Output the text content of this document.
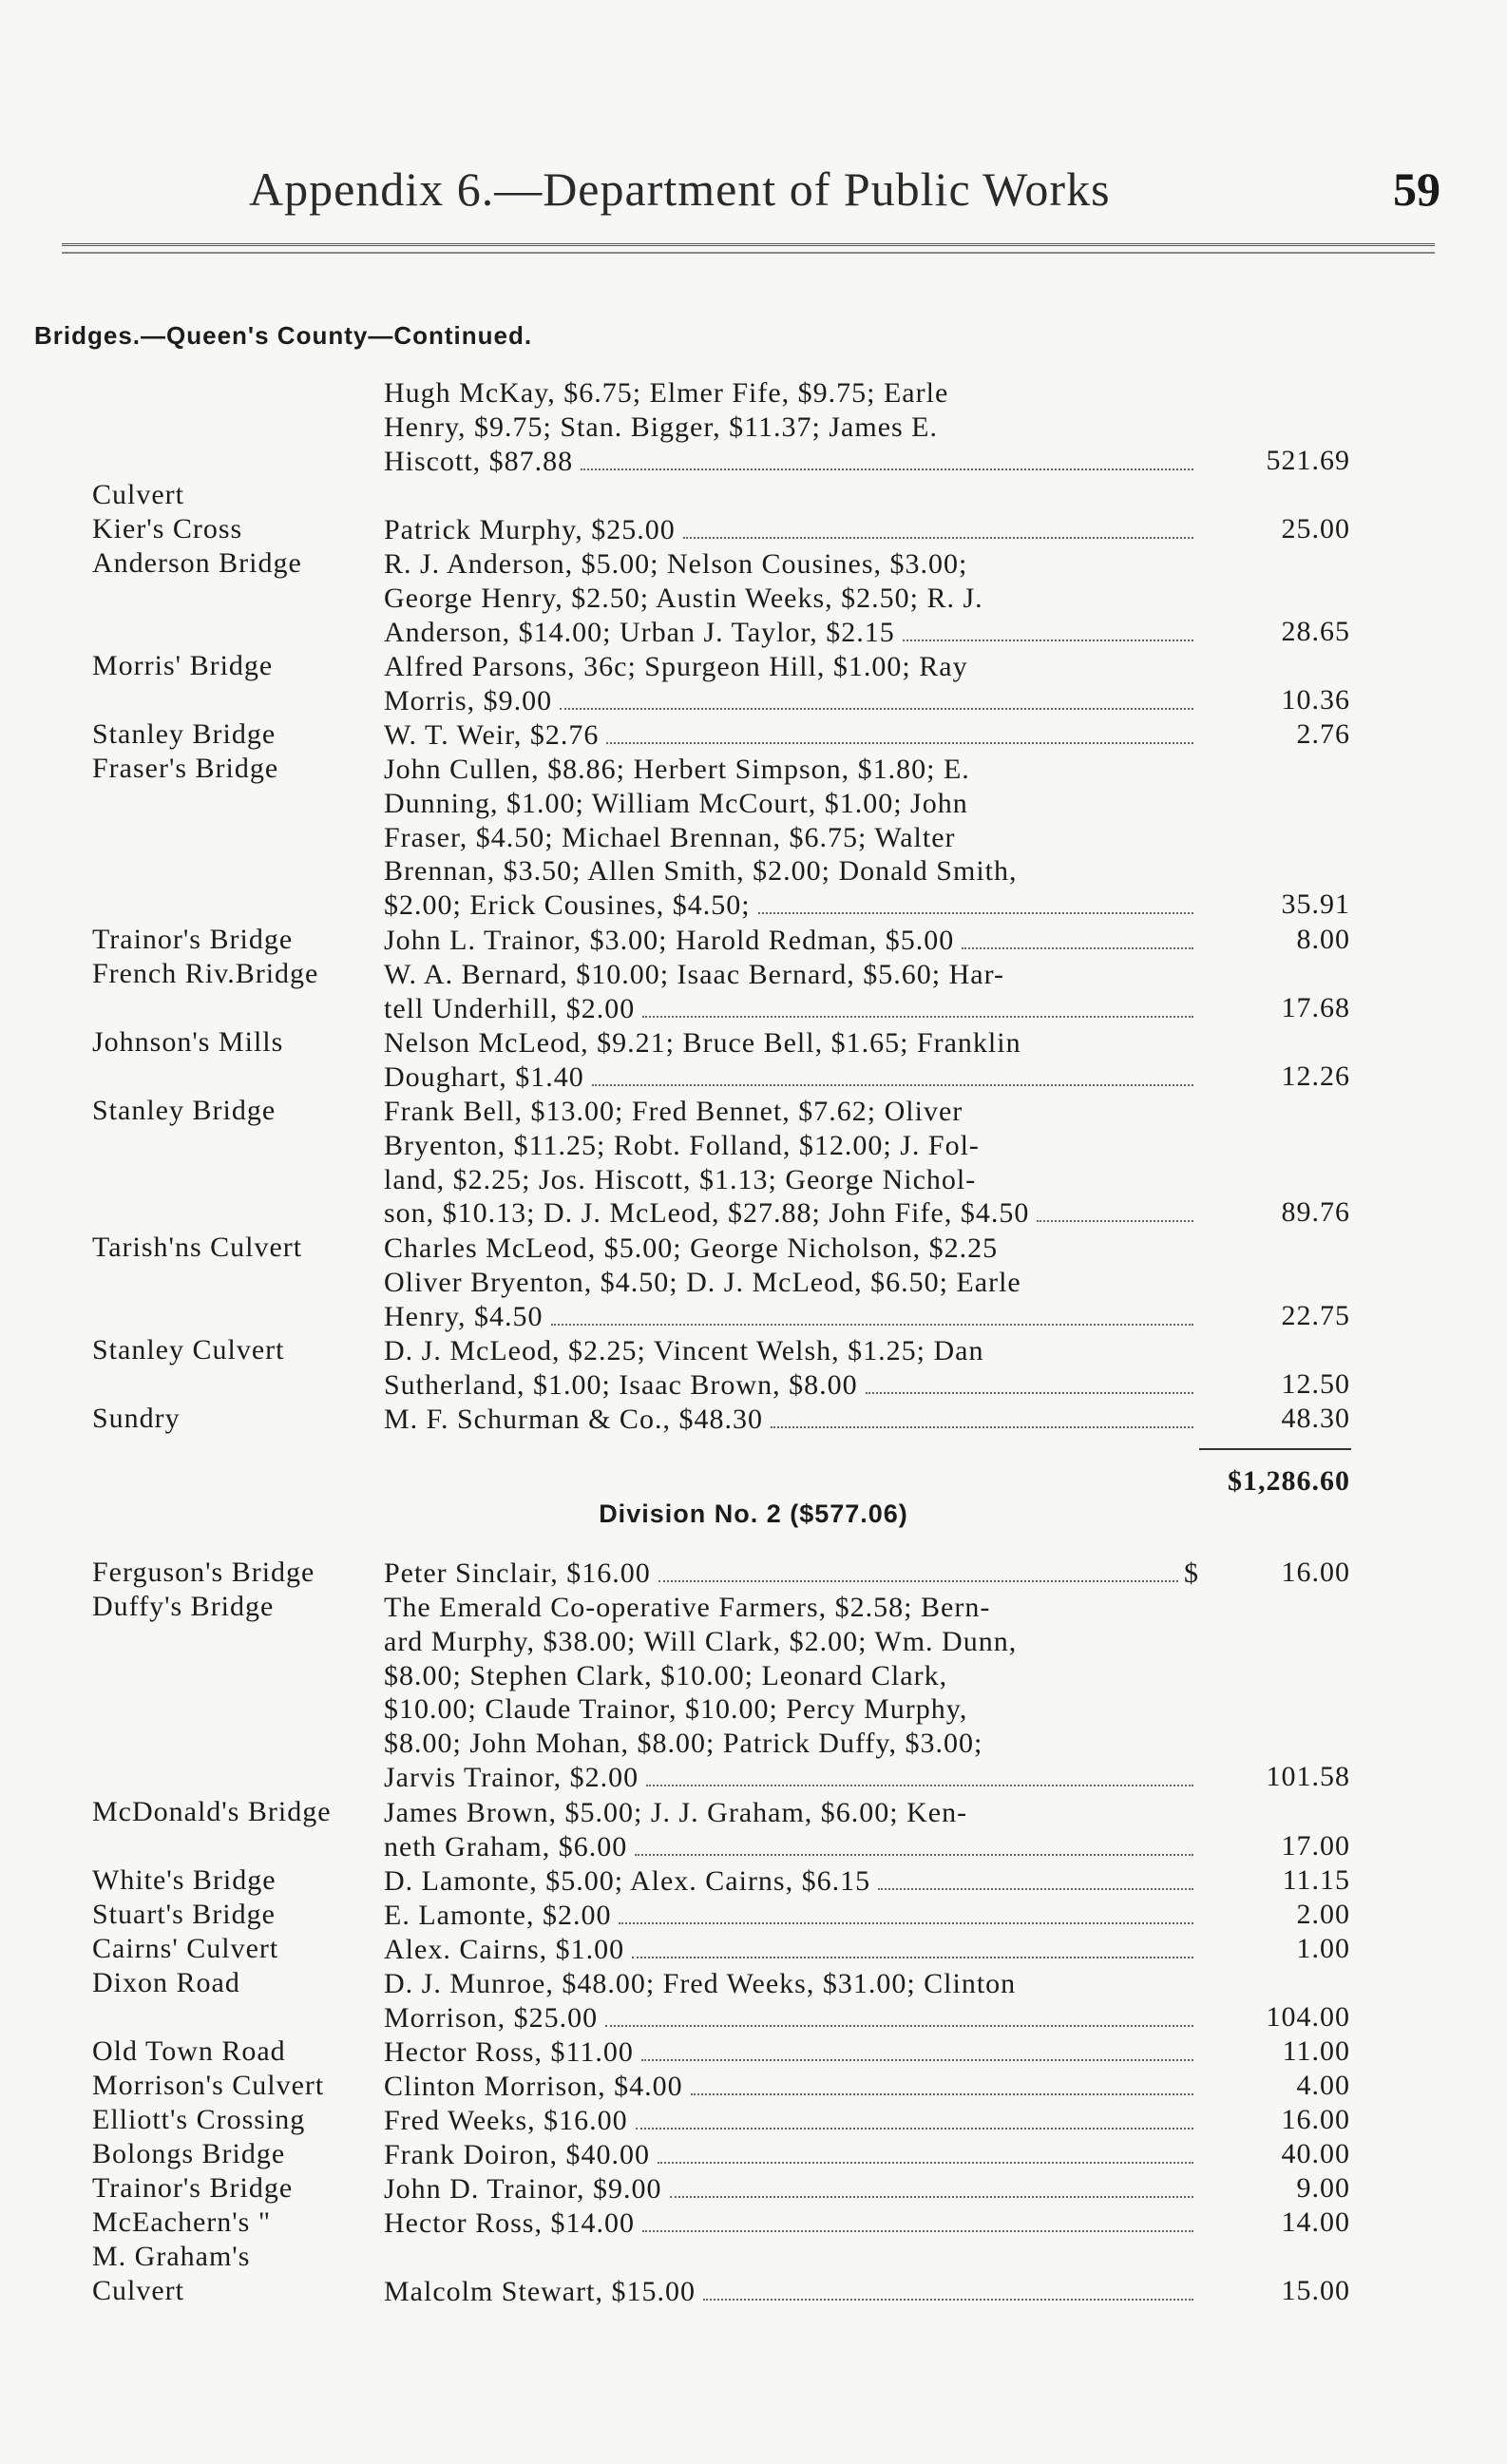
Appendix 6.—Department of Public Works	59
Bridges.—Queen's County—Continued.
Hugh McKay, $6.75; Elmer Fife, $9.75; Earle
Henry, $9.75; Stan. Bigger, $11.37; James E.
Hiscott, $87.88	521.69
Culvert
Kier's Cross	Patrick Murphy, $25.00	25.00
Anderson Bridge	R. J. Anderson, $5.00; Nelson Cousines, $3.00;
George Henry, $2.50; Austin Weeks, $2.50; R. J.
Anderson, $14.00; Urban J. Taylor, $2.15	28.65
Morris' Bridge	Alfred Parsons, 36c; Spurgeon Hill, $1.00; Ray
Morris, $9.00	10.36
Stanley Bridge	W. T. Weir, $2.76	2.76
Fraser's Bridge	John Cullen, $8.86; Herbert Simpson, $1.80; E.
Dunning, $1.00; William McCourt, $1.00; John
Fraser, $4.50; Michael Brennan, $6.75; Walter
Brennan, $3.50; Allen Smith, $2.00; Donald Smith,
$2.00; Erick Cousines, $4.50;	35.91
Trainor's Bridge	John L. Trainor, $3.00; Harold Redman, $5.00	8.00
French Riv.Bridge W. A. Bernard, $10.00; Isaac Bernard, $5.60; Har-
tell Underhill, $2.00	17.68
Johnson's Mills	Nelson McLeod, $9.21; Bruce Bell, $1.65; Franklin
Doughart, $1.40	12.26
Stanley Bridge	Frank Bell, $13.00; Fred Bennet, $7.62; Oliver
Bryenton, $11.25; Robt. Folland, $12.00; J. Fol-
land, $2.25; Jos. Hiscott, $1.13; George Nichol-
son, $10.13; D. J. McLeod, $27.88; John Fife, $4.50	89.76
Tarish'ns Culvert	Charles McLeod, $5.00; George Nicholson, $2.25
Oliver Bryenton, $4.50; D. J. McLeod, $6.50; Earle
Henry, $4.50	22.75
Stanley Culvert	D. J. McLeod, $2.25; Vincent Welsh, $1.25; Dan
Sutherland, $1.00; Isaac Brown, $8.00	12.50
Sundry	M. F. Schurman & Co., $48.30	48.30
$1,286.60
Division No. 2 ($577.06)
Ferguson's Bridge Peter Sinclair, $16.00	$	16.00
Duffy's Bridge	The Emerald Co-operative Farmers, $2.58; Bern-
ard Murphy, $38.00; Will Clark, $2.00; Wm. Dunn,
$8.00; Stephen Clark, $10.00; Leonard Clark,
$10.00; Claude Trainor, $10.00; Percy Murphy,
$8.00; John Mohan, $8.00; Patrick Duffy, $3.00;
Jarvis Trainor, $2.00	101.58
McDonald's Bridge James Brown, $5.00; J. J. Graham, $6.00; Ken-
neth Graham, $6.00	17.00
White's Bridge	D. Lamonte, $5.00; Alex. Cairns, $6.15	11.15
Stuart's Bridge	E. Lamonte, $2.00	2.00
Cairns' Culvert	Alex. Cairns, $1.00	1.00
Dixon Road	D. J. Munroe, $48.00; Fred Weeks, $31.00; Clinton
Morrison, $25.00	104.00
Old Town Road	Hector Ross, $11.00	11.00
Morrison's Culvert Clinton Morrison, $4.00	4.00
Elliott's Crossing	Fred Weeks, $16.00	16.00
Bolongs Bridge	Frank Doiron, $40.00	40.00
Trainor's Bridge	John D. Trainor, $9.00	9.00
McEachern's "	Hector Ross, $14.00	14.00
M. Graham's
Culvert	Malcolm Stewart, $15.00	15.00
